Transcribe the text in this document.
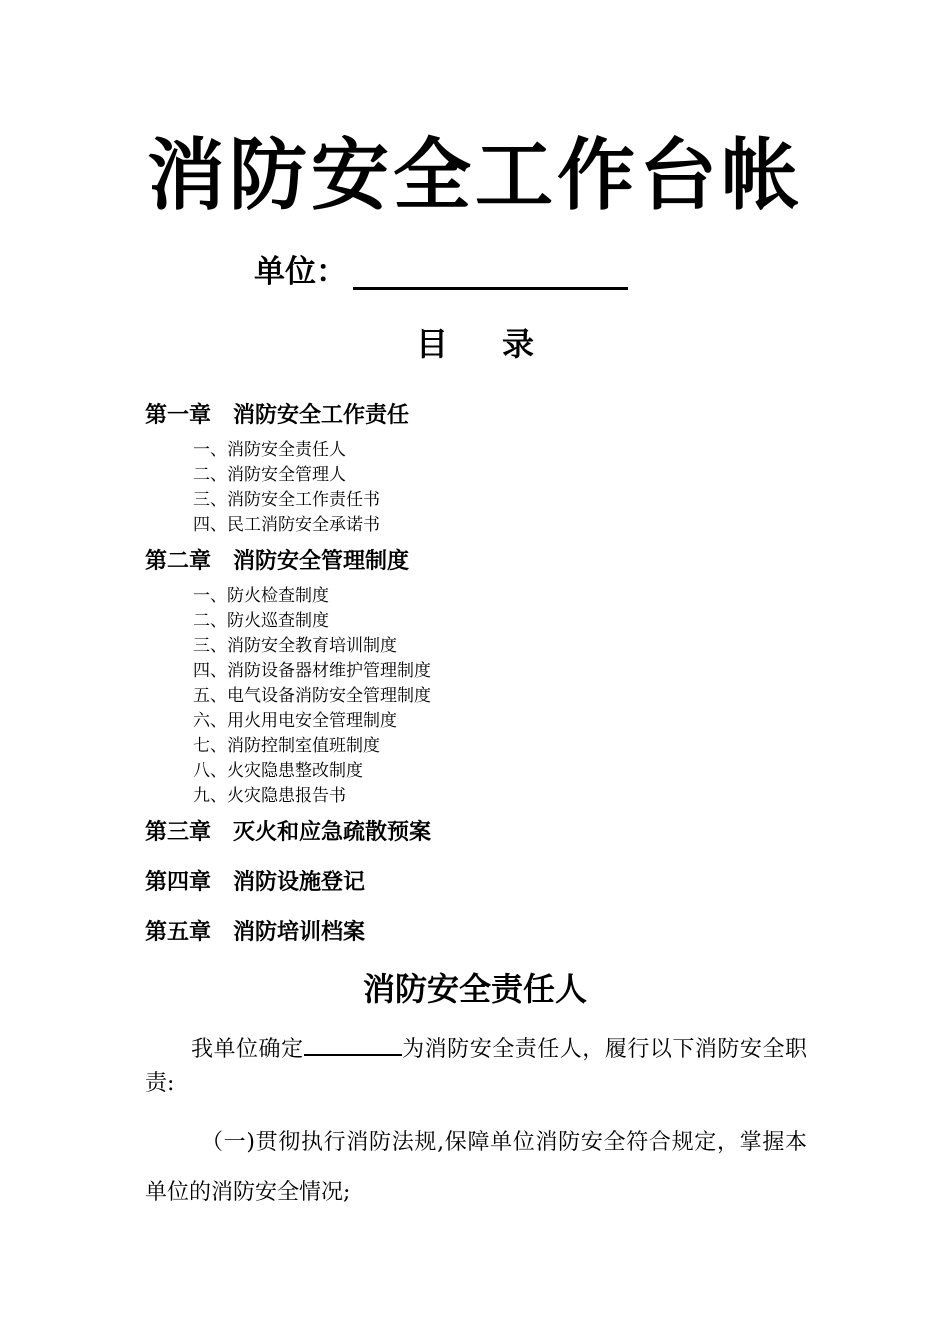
消防安全工作台帐
单位：
目录
第一章　消防安全工作责任
一、消防安全责任人
二、消防安全管理人
三、消防安全工作责任书
四、民工消防安全承诺书
第二章　消防安全管理制度
一、防火检查制度
二、防火巡查制度
三、消防安全教育培训制度
四、消防设备器材维护管理制度
五、电气设备消防安全管理制度
六、用火用电安全管理制度
七、消防控制室值班制度
八、火灾隐患整改制度
九、火灾隐患报告书
第三章　灭火和应急疏散预案
第四章　消防设施登记
第五章　消防培训档案
消防安全责任人
我单位确定	为消防安全责任人，履行以下消防安全职责:
（一)贯彻执行消防法规,保障单位消防安全符合规定，掌握本单位的消防安全情况;
